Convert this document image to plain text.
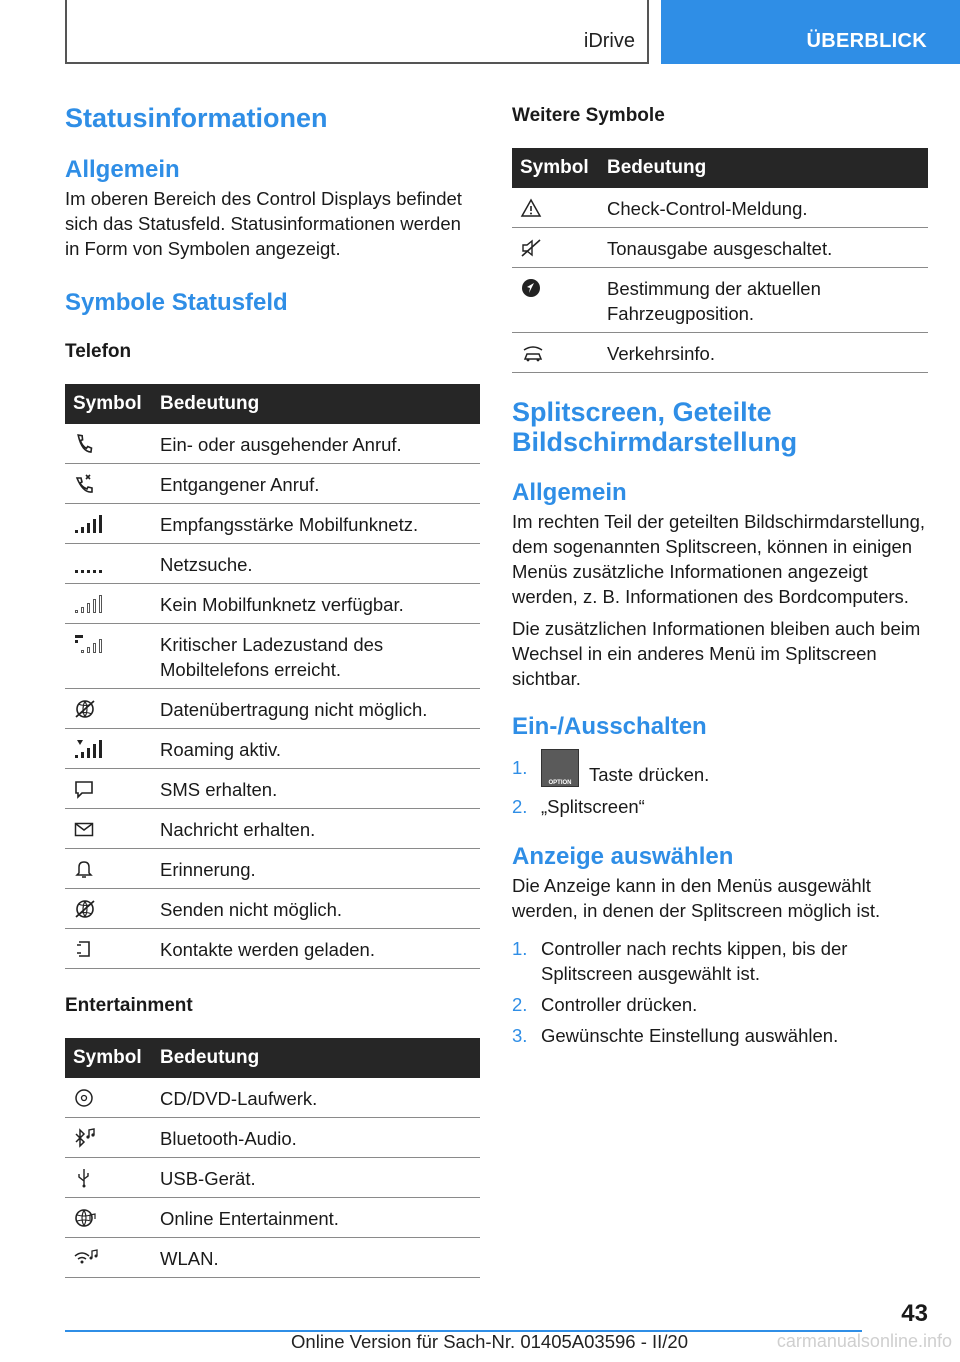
iDrive	ÜBERBLICK
Statusinformationen
Allgemein

Im oberen Bereich des Control Displays befindet sich das Statusfeld. Statusinformationen werden in Form von Symbolen angezeigt.

Symbole Statusfeld
Telefon
Symbol	Bedeutung

	Ein- oder ausgehender Anruf.

	Entgangener Anruf.

	Empfangsstärke Mobilfunknetz.

	Netzsuche.

	Kein Mobilfunknetz verfügbar.

	Kritischer Ladezustand des Mobiltelefons erreicht.

	Datenübertragung nicht möglich.

	Roaming aktiv.

	SMS erhalten.

	Nachricht erhalten.

	Erinnerung.

	Senden nicht möglich.

	Kontakte werden geladen.
Entertainment
Symbol	Bedeutung

	CD/DVD-Laufwerk.

	Bluetooth-Audio.

	USB-Gerät.

	Online Entertainment.

	WLAN.
Weitere Symbole
Symbol	Bedeutung

	Check-Control-Meldung.

	Tonausgabe ausgeschaltet.

	Bestimmung der aktuellen Fahrzeugposition.

	Verkehrsinfo.
Splitscreen, Geteilte Bildschirmdarstellung
Allgemein

Im rechten Teil der geteilten Bildschirmdarstellung, dem sogenannten Splitscreen, können in einigen Menüs zusätzliche Informationen angezeigt werden, z. B. Informationen des Bordcomputers.

Die zusätzlichen Informationen bleiben auch beim Wechsel in ein anderes Menü im Splitscreen sichtbar.

Ein-/Ausschalten
1.
OPTION Taste drücken.
2. „Splitscreen“
Anzeige auswählen

Die Anzeige kann in den Menüs ausgewählt werden, in denen der Splitscreen möglich ist.

1. Controller nach rechts kippen, bis der Splitscreen ausgewählt ist.
2. Controller drücken.
3. Gewünschte Einstellung auswählen.
43
Online Version für Sach-Nr. 01405A03596 - II/20	carmanualsonline.info
